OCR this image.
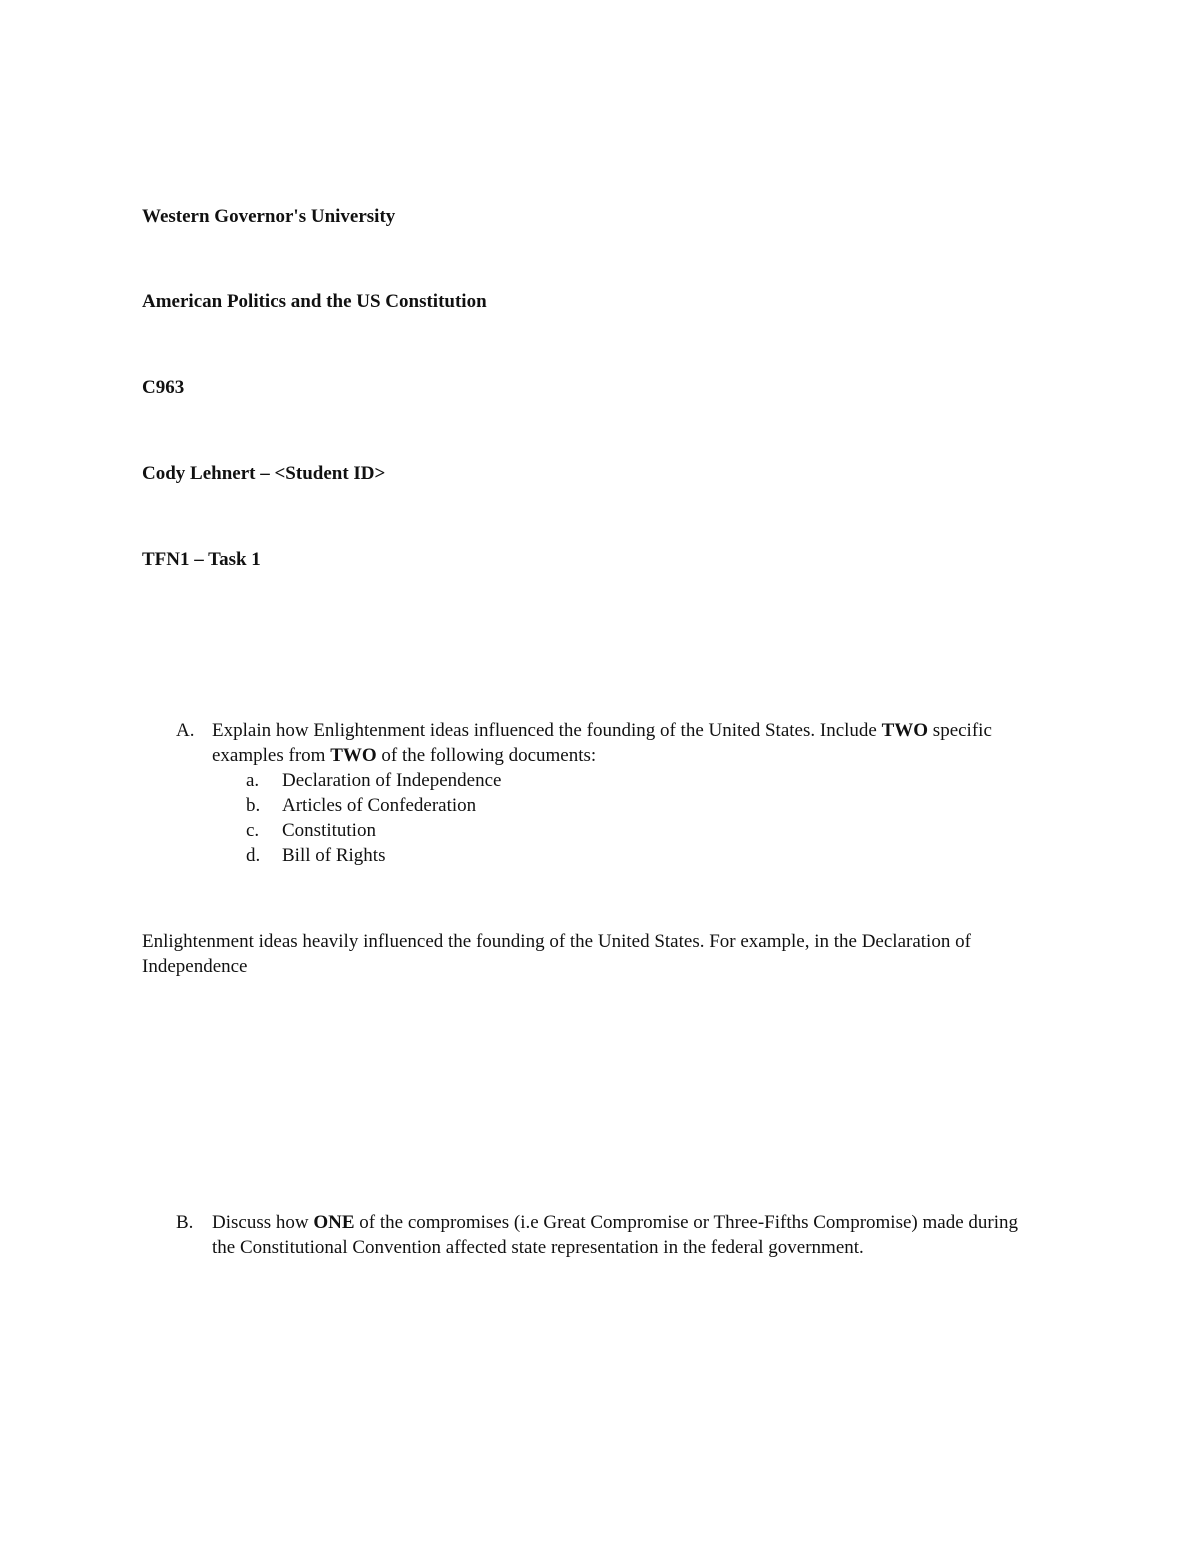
Western Governor's University
American Politics and the US Constitution
C963
Cody Lehnert – <Student ID>
TFN1 – Task 1
A. Explain how Enlightenment ideas influenced the founding of the United States. Include TWO specific examples from TWO of the following documents:
a.	Declaration of Independence
b.	Articles of Confederation
c.	Constitution
d.	Bill of Rights
Enlightenment ideas heavily influenced the founding of the United States. For example, in the Declaration of Independence
B. Discuss how ONE of the compromises (i.e Great Compromise or Three-Fifths Compromise) made during the Constitutional Convention affected state representation in the federal government.
